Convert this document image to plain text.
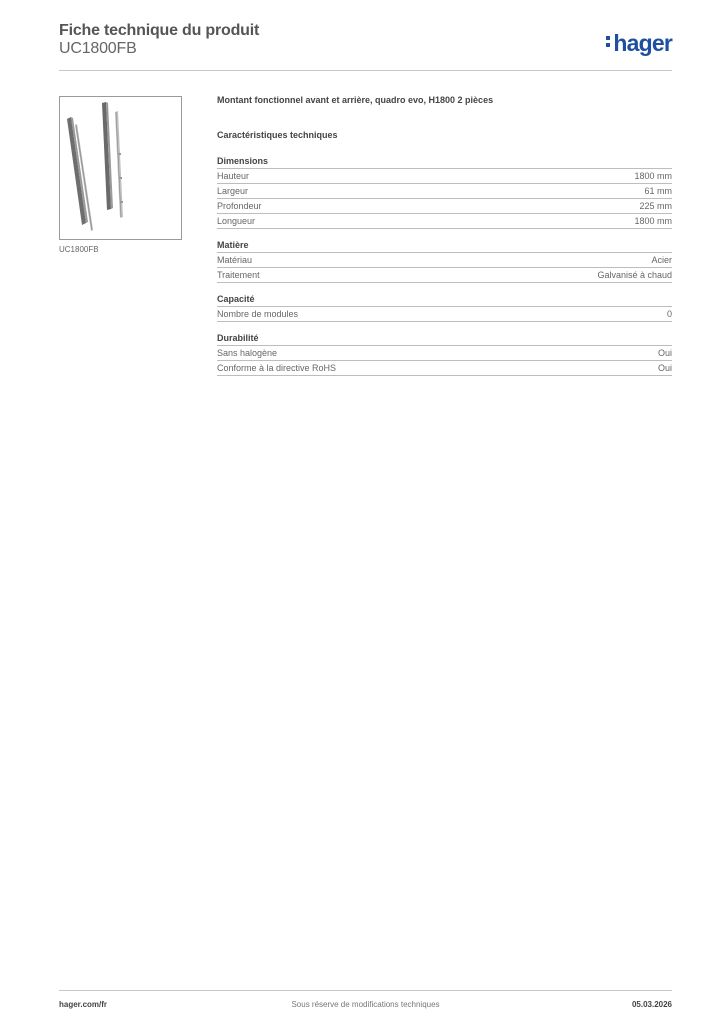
Fiche technique du produit
UC1800FB	hager
UC1800FB
Montant fonctionnel avant et arrière, quadro evo, H1800 2 pièces
Caractéristiques techniques
Dimensions
Hauteur	1800 mm
Largeur	61 mm
Profondeur	225 mm
Longueur	1800 mm
Matière
Matériau	Acier
Traitement	Galvanisé à chaud
Capacité
Nombre de modules	0
Durabilité
Sans halogène	Oui
Conforme à la directive RoHS	Oui
hager.com/fr	Sous réserve de modifications techniques	05.03.2026
